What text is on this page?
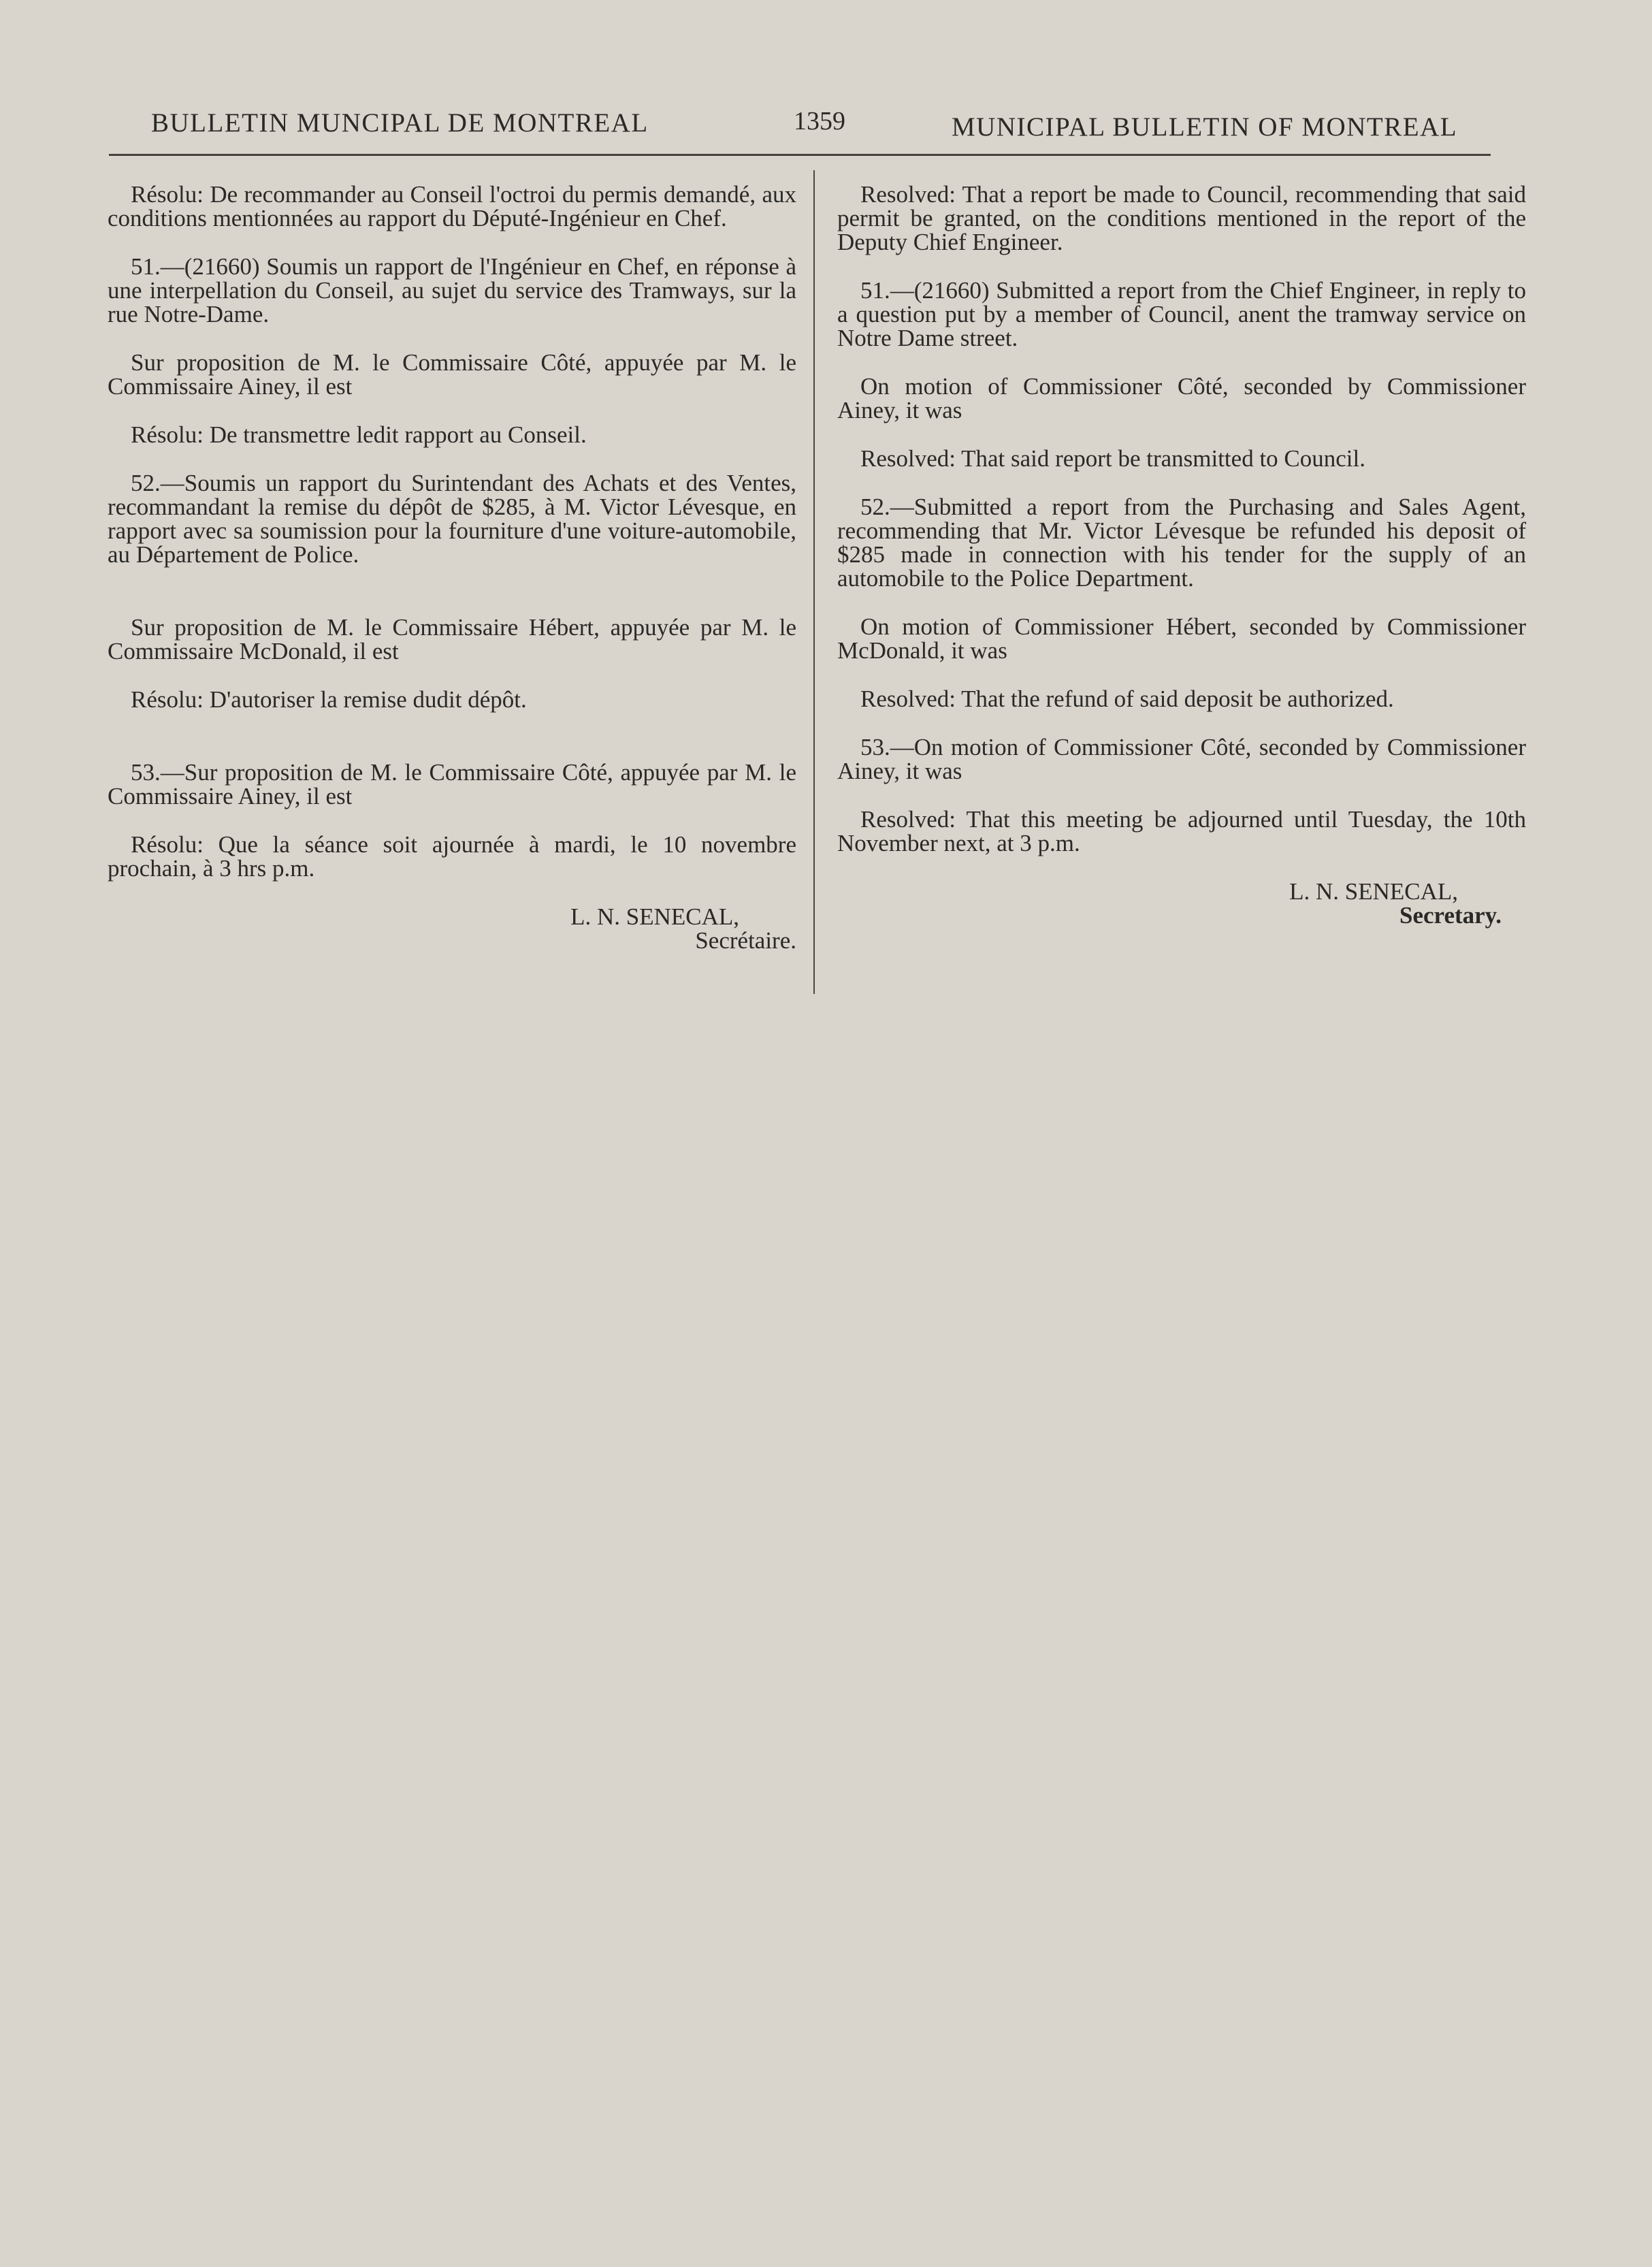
BULLETIN MUNCIPAL DE MONTREAL	1359	MUNICIPAL BULLETIN OF MONTREAL

Résolu: De recommander au Conseil l'octroi du permis demandé, aux conditions mentionnées au rapport du Député-Ingénieur en Chef.

51.—(21660) Soumis un rapport de l'Ingénieur en Chef, en réponse à une interpellation du Conseil, au sujet du service des Tramways, sur la rue Notre-Dame.

Sur proposition de M. le Commissaire Côté, appuyée par M. le Commissaire Ainey, il est

Résolu: De transmettre ledit rapport au Conseil.

52.—Soumis un rapport du Surintendant des Achats et des Ventes, recommandant la remise du dépôt de $285, à M. Victor Lévesque, en rapport avec sa soumission pour la fourniture d'une voiture-automobile, au Département de Police.

Sur proposition de M. le Commissaire Hébert, appuyée par M. le Commissaire McDonald, il est

Résolu: D'autoriser la remise dudit dépôt.

53.—Sur proposition de M. le Commissaire Côté, appuyée par M. le Commissaire Ainey, il est

Résolu: Que la séance soit ajournée à mardi, le 10 novembre prochain, à 3 hrs p.m.

L. N. SENECAL,
Secrétaire.

Resolved: That a report be made to Council, recommending that said permit be granted, on the conditions mentioned in the report of the Deputy Chief Engineer.

51.—(21660) Submitted a report from the Chief Engineer, in reply to a question put by a member of Council, anent the tramway service on Notre Dame street.

On motion of Commissioner Côté, seconded by Commissioner Ainey, it was

Resolved: That said report be transmitted to Council.

52.—Submitted a report from the Purchasing and Sales Agent, recommending that Mr. Victor Lévesque be refunded his deposit of $285 made in connection with his tender for the supply of an automobile to the Police Department.

On motion of Commissioner Hébert, seconded by Commissioner McDonald, it was

Resolved: That the refund of said deposit be authorized.

53.—On motion of Commissioner Côté, seconded by Commissioner Ainey, it was

Resolved: That this meeting be adjourned until Tuesday, the 10th November next, at 3 p.m.

L. N. SENECAL,
Secretary.
